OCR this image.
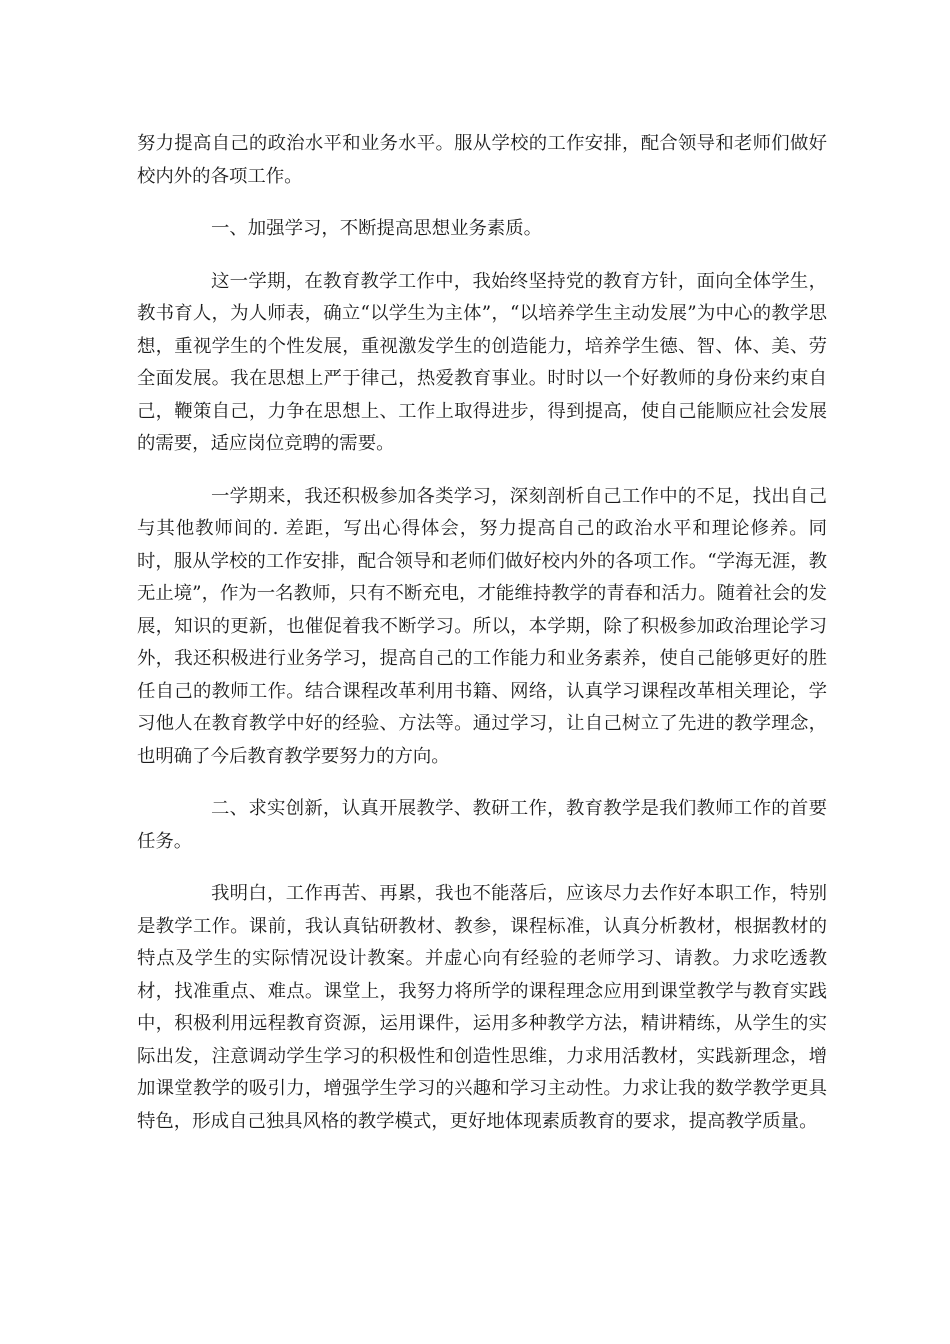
努力提高自己的政治水平和业务水平。服从学校的工作安排，配合领导和老师们做好校内外的各项工作。

一、加强学习，不断提高思想业务素质。

这一学期，在教育教学工作中，我始终坚持党的教育方针，面向全体学生，教书育人，为人师表，确立“以学生为主体”，“以培养学生主动发展”为中心的教学思想，重视学生的个性发展，重视激发学生的创造能力，培养学生德、智、体、美、劳全面发展。我在思想上严于律己，热爱教育事业。时时以一个好教师的身份来约束自己，鞭策自己，力争在思想上、工作上取得进步，得到提高，使自己能顺应社会发展的需要，适应岗位竞聘的需要。

一学期来，我还积极参加各类学习，深刻剖析自己工作中的不足，找出自己与其他教师间的. 差距，写出心得体会，努力提高自己的政治水平和理论修养。同时，服从学校的工作安排，配合领导和老师们做好校内外的各项工作。“学海无涯，教无止境”，作为一名教师，只有不断充电，才能维持教学的青春和活力。随着社会的发展，知识的更新，也催促着我不断学习。所以，本学期，除了积极参加政治理论学习外，我还积极进行业务学习，提高自己的工作能力和业务素养，使自己能够更好的胜任自己的教师工作。结合课程改革利用书籍、网络，认真学习课程改革相关理论，学习他人在教育教学中好的经验、方法等。通过学习，让自己树立了先进的教学理念，也明确了今后教育教学要努力的方向。

二、求实创新，认真开展教学、教研工作，教育教学是我们教师工作的首要任务。

我明白，工作再苦、再累，我也不能落后，应该尽力去作好本职工作，特别是教学工作。课前，我认真钻研教材、教参，课程标准，认真分析教材，根据教材的特点及学生的实际情况设计教案。并虚心向有经验的老师学习、请教。力求吃透教材，找准重点、难点。课堂上，我努力将所学的课程理念应用到课堂教学与教育实践中，积极利用远程教育资源，运用课件，运用多种教学方法，精讲精练，从学生的实际出发，注意调动学生学习的积极性和创造性思维，力求用活教材，实践新理念，增加课堂教学的吸引力，增强学生学习的兴趣和学习主动性。力求让我的数学教学更具特色，形成自己独具风格的教学模式，更好地体现素质教育的要求，提高教学质量。
